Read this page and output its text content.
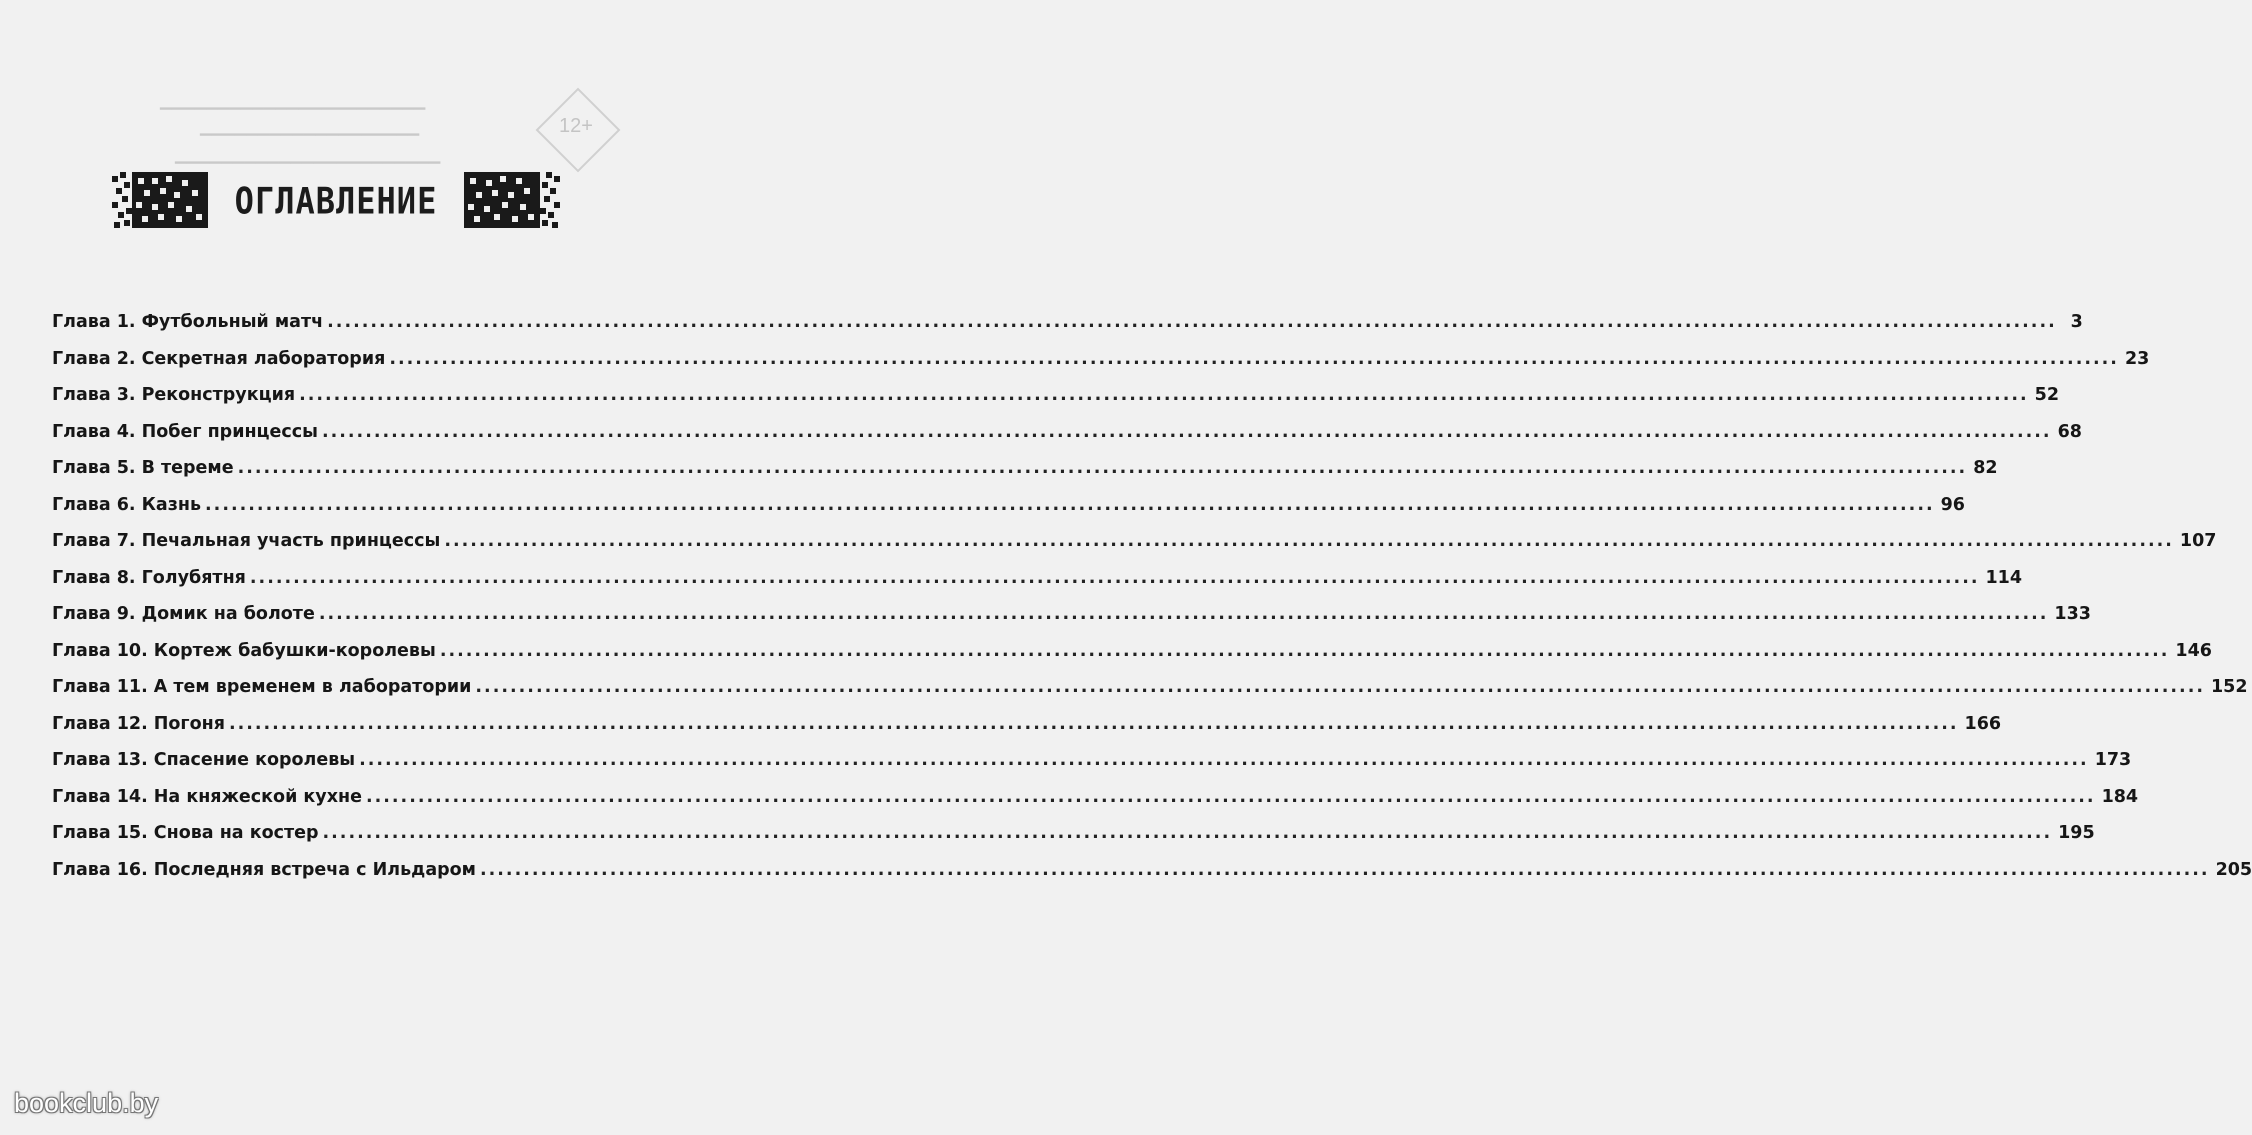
▁▁▁▁▁▁▁▁▁▁▁▁▁▁▁▁▁▁▁▁▁▁▁
▁▁▁▁▁▁▁▁▁▁▁▁▁▁▁▁▁▁▁
▁▁▁▁▁▁▁▁▁▁▁▁▁▁▁▁▁▁▁▁▁▁▁
12+
ОГЛАВЛЕНИЕ
Глава 1. Футбольный матч ........................................................................................................................................................................................................ 3
Глава 2. Секретная лаборатория ........................................................................................................................................................................................................ 23
Глава 3. Реконструкция ........................................................................................................................................................................................................ 52
Глава 4. Побег принцессы ........................................................................................................................................................................................................ 68
Глава 5. В тереме ........................................................................................................................................................................................................ 82
Глава 6. Казнь ........................................................................................................................................................................................................ 96
Глава 7. Печальная участь принцессы ........................................................................................................................................................................................................ 107
Глава 8. Голубятня ........................................................................................................................................................................................................ 114
Глава 9. Домик на болоте ........................................................................................................................................................................................................ 133
Глава 10. Кортеж бабушки-королевы ........................................................................................................................................................................................................ 146
Глава 11. А тем временем в лаборатории ........................................................................................................................................................................................................ 152
Глава 12. Погоня ........................................................................................................................................................................................................ 166
Глава 13. Спасение королевы ........................................................................................................................................................................................................ 173
Глава 14. На княжеской кухне ........................................................................................................................................................................................................ 184
Глава 15. Снова на костер ........................................................................................................................................................................................................ 195
Глава 16. Последняя встреча с Ильдаром ........................................................................................................................................................................................................ 205
bookclub.by
